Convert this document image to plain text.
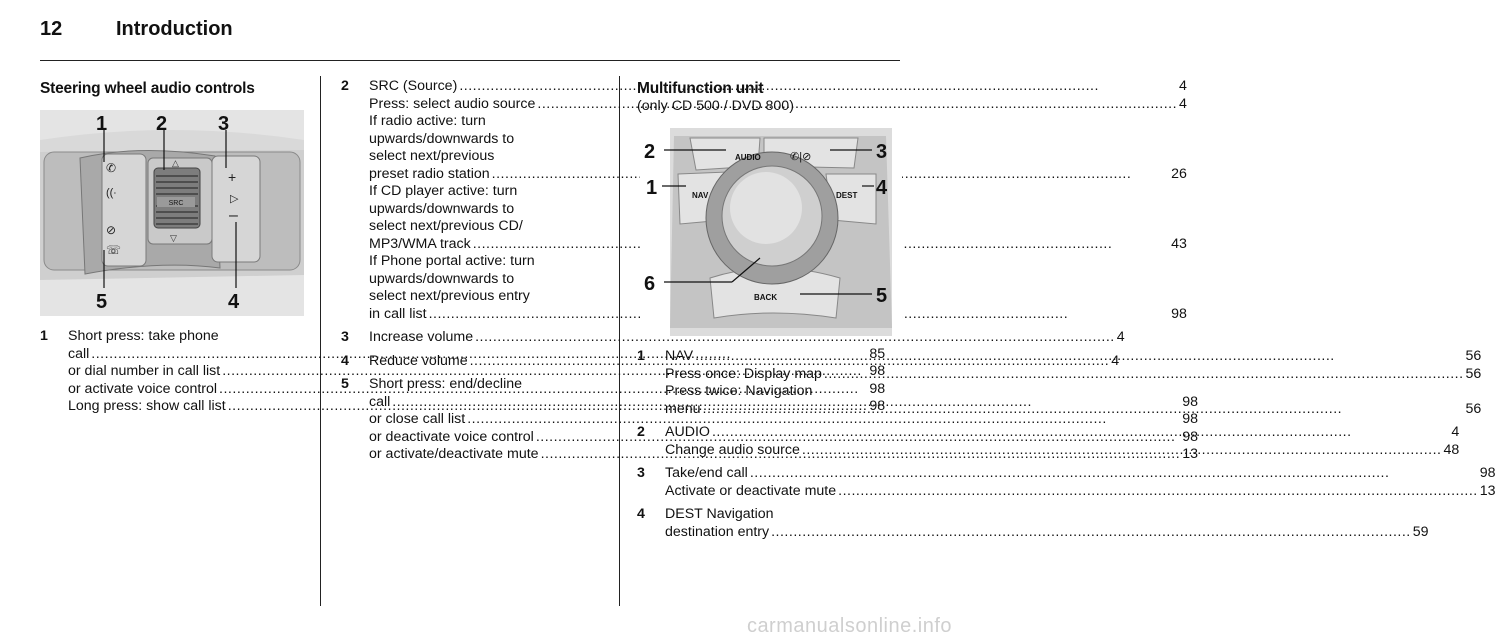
12	Introduction
Steering wheel audio controls
SRC
△
▽
+
–
▷
✆
((∙
⊘
☏
1 2	3
5	4
1	Short press: take phone
call .....	85
or dial number in call list .....	98
or activate voice control .....	98
Long press: show call list .....	98
2	SRC (Source) .....	4
Press: select audio source .....	4
If radio active: turn
upwards/downwards to
select next/previous
preset radio station .....	26
If CD player active: turn
upwards/downwards to
select next/previous CD/
MP3/WMA track .....	43
If Phone portal active: turn
upwards/downwards to
select next/previous entry
in call list .....	98
3	Increase volume .....	4
4	Reduce volume .....	4
5	Short press: end/decline
call .....	98
or close call list .....	98
or deactivate voice control .....	98
or activate/deactivate mute .....	13
Multifunction unit
(only CD 500 / DVD 800)
AUDIO
NAV	DEST
BACK
✆|⊘
2	3
1	4
6
5
1	NAV .....	56
Press once: Display map .....	56
Press twice: Navigation
menu .....	56
2	AUDIO .....	4
Change audio source .....	48
3	Take/end call .....	98
Activate or deactivate mute .....	13
4	DEST Navigation
destination entry .....	59
carmanualsonline.info
